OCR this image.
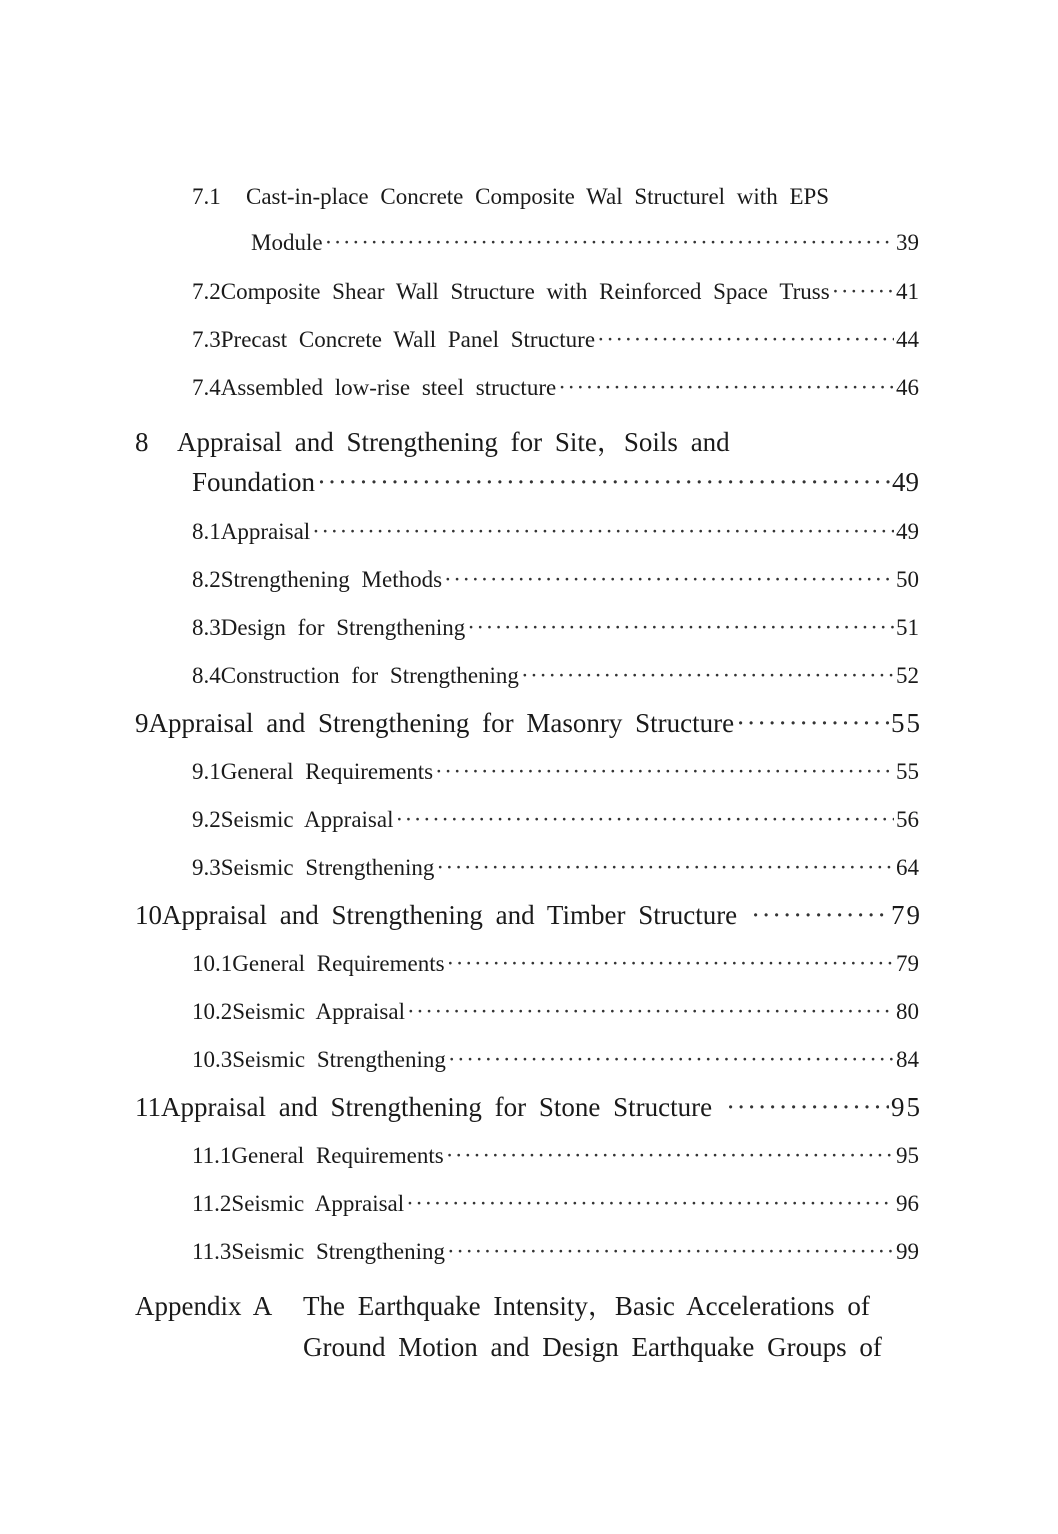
7.1 Cast-in-place Concrete Composite Wal Structurel with EPS
Module ·····	39
7.2 Composite Shear Wall Structure with Reinforced Space Truss ·····	41
7.3 Precast Concrete Wall Panel Structure ·····	44
7.4 Assembled low-rise steel structure ·····	46
8 Appraisal and Strengthening for Site，Soils and
Foundation ·····	49
8.1 Appraisal ·····	49
8.2 Strengthening Methods ·····	50
8.3 Design for Strengthening ·····	51
8.4 Construction for Strengthening ·····	52
9 Appraisal and Strengthening for Masonry Structure ·····	55
9.1 General Requirements ·····	55
9.2 Seismic Appraisal ·····	56
9.3 Seismic Strengthening ·····	64
10 Appraisal and Strengthening and Timber Structure ·····	79
10.1 General Requirements ·····	79
10.2 Seismic Appraisal ·····	80
10.3 Seismic Strengthening ·····	84
11 Appraisal and Strengthening for Stone Structure ·····	95
11.1 General Requirements ·····	95
11.2 Seismic Appraisal ·····	96
11.3 Seismic Strengthening ·····	99
Appendix A The Earthquake Intensity，Basic Accelerations of
Ground Motion and Design Earthquake Groups of
